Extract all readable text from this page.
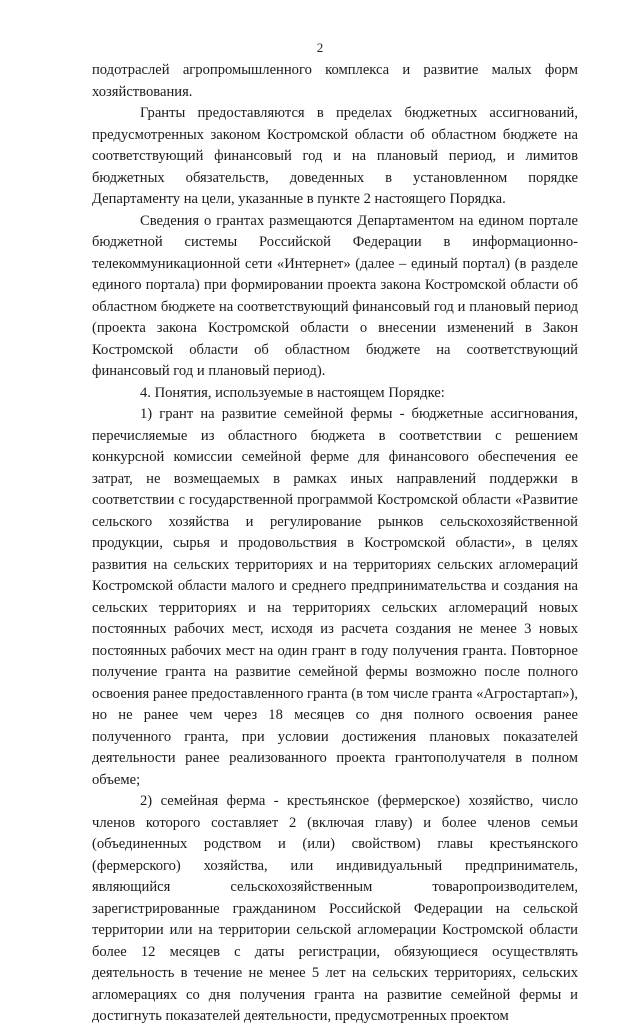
2

подотраслей агропромышленного комплекса и развитие малых форм хозяйствования.

Гранты предоставляются в пределах бюджетных ассигнований, предусмотренных законом Костромской области об областном бюджете на соответствующий финансовый год и на плановый период, и лимитов бюджетных обязательств, доведенных в установленном порядке Департаменту на цели, указанные в пункте 2 настоящего Порядка.

Сведения о грантах размещаются Департаментом на едином портале бюджетной системы Российской Федерации в информационно-телекоммуникационной сети «Интернет» (далее – единый портал) (в разделе единого портала) при формировании проекта закона Костромской области об областном бюджете на соответствующий финансовый год и плановый период (проекта закона Костромской области о внесении изменений в Закон Костромской области об областном бюджете на соответствующий финансовый год и плановый период).

4. Понятия, используемые в настоящем Порядке:

1) грант на развитие семейной фермы - бюджетные ассигнования, перечисляемые из областного бюджета в соответствии с решением конкурсной комиссии семейной ферме для финансового обеспечения ее затрат, не возмещаемых в рамках иных направлений поддержки в соответствии с государственной программой Костромской области «Развитие сельского хозяйства и регулирование рынков сельскохозяйственной продукции, сырья и продовольствия в Костромской области», в целях развития на сельских территориях и на территориях сельских агломераций Костромской области малого и среднего предпринимательства и создания на сельских территориях и на территориях сельских агломераций новых постоянных рабочих мест, исходя из расчета создания не менее 3 новых постоянных рабочих мест на один грант в году получения гранта. Повторное получение гранта на развитие семейной фермы возможно после полного освоения ранее предоставленного гранта (в том числе гранта «Агростартап»), но не ранее чем через 18 месяцев со дня полного освоения ранее полученного гранта, при условии достижения плановых показателей деятельности ранее реализованного проекта грантополучателя в полном объеме;

2) семейная ферма - крестьянское (фермерское) хозяйство, число членов которого составляет 2 (включая главу) и более членов семьи (объединенных родством и (или) свойством) главы крестьянского (фермерского) хозяйства, или индивидуальный предприниматель, являющийся сельскохозяйственным товаропроизводителем, зарегистрированные гражданином Российской Федерации на сельской территории или на территории сельской агломерации Костромской области более 12 месяцев с даты регистрации, обязующиеся осуществлять деятельность в течение не менее 5 лет на сельских территориях, сельских агломерациях со дня получения гранта на развитие семейной фермы и достигнуть показателей деятельности, предусмотренных проектом
